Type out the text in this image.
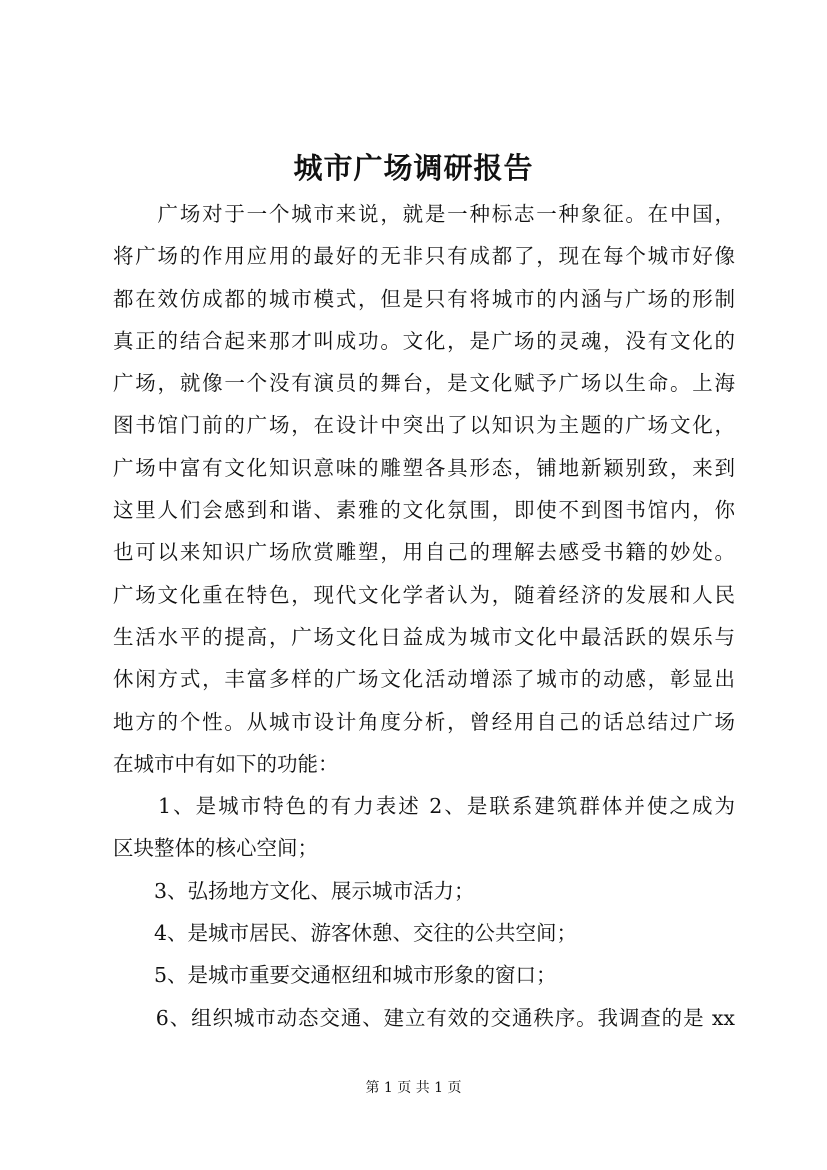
城市广场调研报告
　　广场对于一个城市来说，就是一种标志一种象征。在中国，
将广场的作用应用的最好的无非只有成都了，现在每个城市好像
都在效仿成都的城市模式，但是只有将城市的内涵与广场的形制
真正的结合起来那才叫成功。文化，是广场的灵魂，没有文化的
广场，就像一个没有演员的舞台，是文化赋予广场以生命。上海
图书馆门前的广场，在设计中突出了以知识为主题的广场文化，
广场中富有文化知识意味的雕塑各具形态，铺地新颖别致，来到
这里人们会感到和谐、素雅的文化氛围，即使不到图书馆内，你
也可以来知识广场欣赏雕塑，用自己的理解去感受书籍的妙处。
广场文化重在特色，现代文化学者认为，随着经济的发展和人民
生活水平的提高，广场文化日益成为城市文化中最活跃的娱乐与
休闲方式，丰富多样的广场文化活动增添了城市的动感，彰显出
地方的个性。从城市设计角度分析，曾经用自己的话总结过广场
在城市中有如下的功能：
　　1、是城市特色的有力表述 2、是联系建筑群体并使之成为
区块整体的核心空间；
　　3、弘扬地方文化、展示城市活力；
　　4、是城市居民、游客休憩、交往的公共空间；
　　5、是城市重要交通枢纽和城市形象的窗口；
　　6、组织城市动态交通、建立有效的交通秩序。我调查的是 xx
第 1 页 共 1 页
